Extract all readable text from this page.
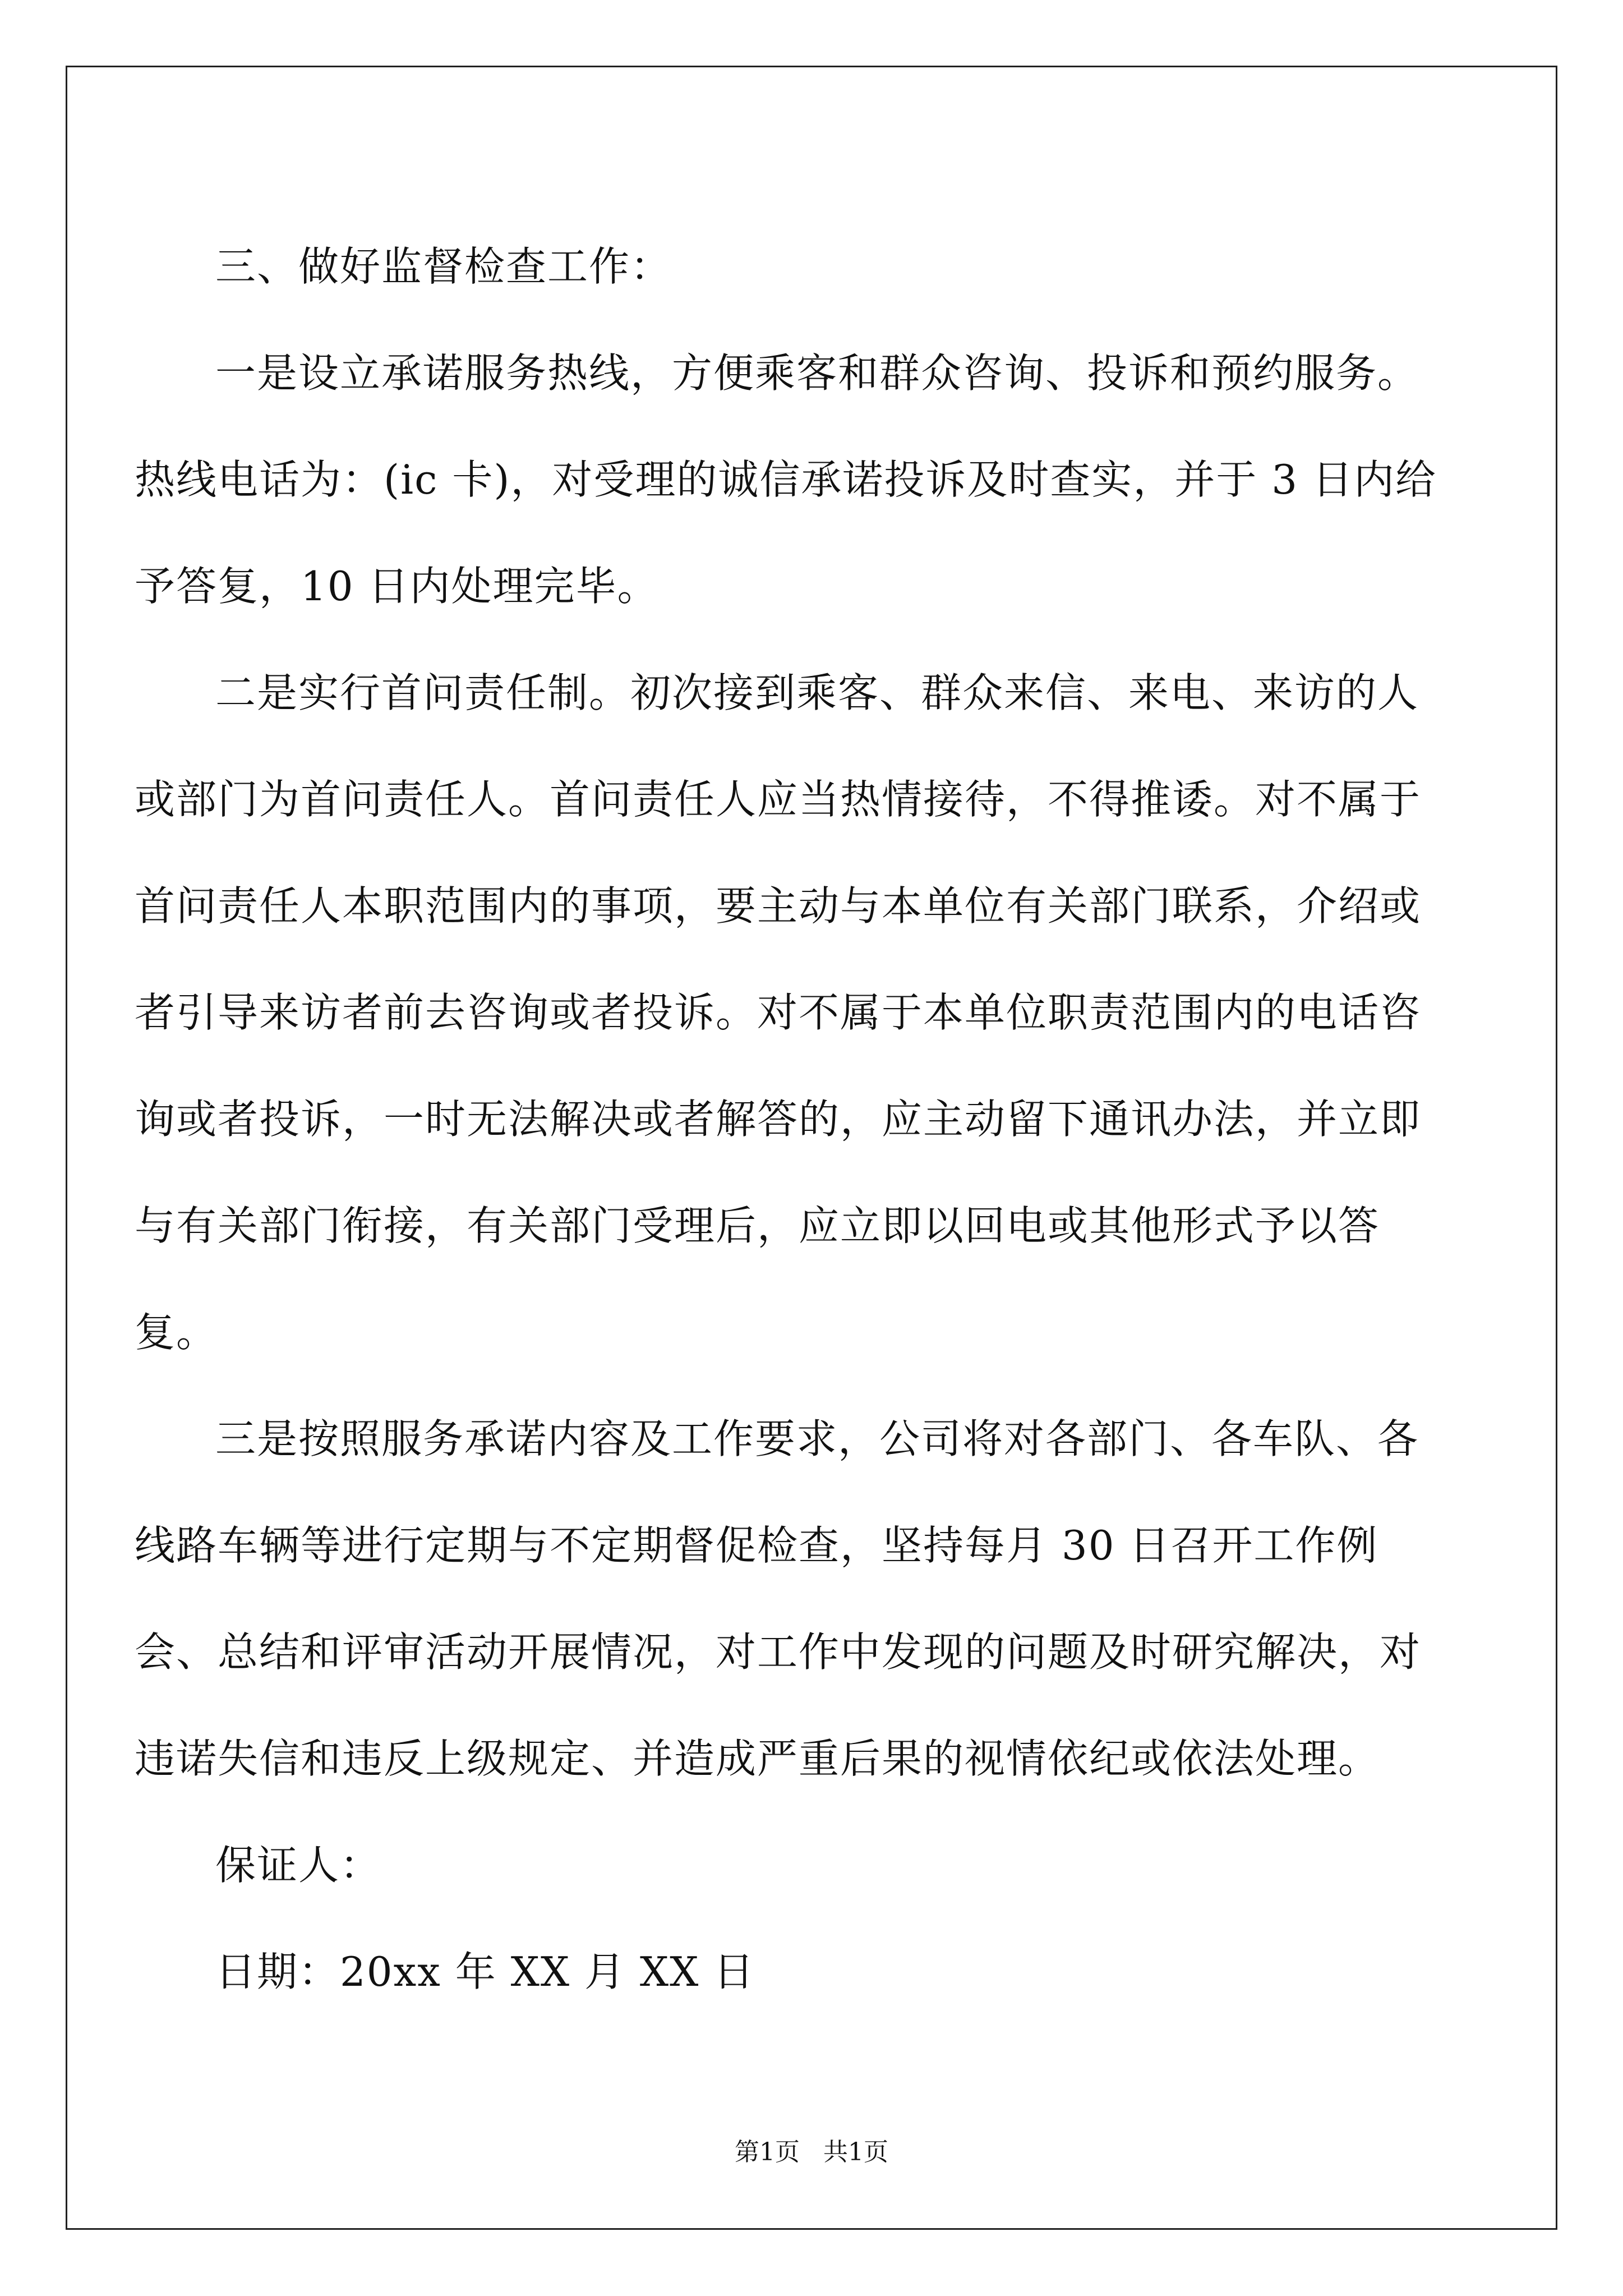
三、做好监督检查工作：

一是设立承诺服务热线，方便乘客和群众咨询、投诉和预约服务。热线电话为：(ic 卡)，对受理的诚信承诺投诉及时查实，并于 3 日内给予答复，10 日内处理完毕。

二是实行首问责任制。初次接到乘客、群众来信、来电、来访的人或部门为首问责任人。首问责任人应当热情接待，不得推诿。对不属于首问责任人本职范围内的事项，要主动与本单位有关部门联系，介绍或者引导来访者前去咨询或者投诉。对不属于本单位职责范围内的电话咨询或者投诉，一时无法解决或者解答的，应主动留下通讯办法，并立即与有关部门衔接，有关部门受理后，应立即以回电或其他形式予以答复。

三是按照服务承诺内容及工作要求，公司将对各部门、各车队、各线路车辆等进行定期与不定期督促检查，坚持每月 30 日召开工作例会、总结和评审活动开展情况，对工作中发现的问题及时研究解决，对违诺失信和违反上级规定、并造成严重后果的视情依纪或依法处理。

保证人：

日期：20xx 年 XX 月 XX 日

第1页 共1页
